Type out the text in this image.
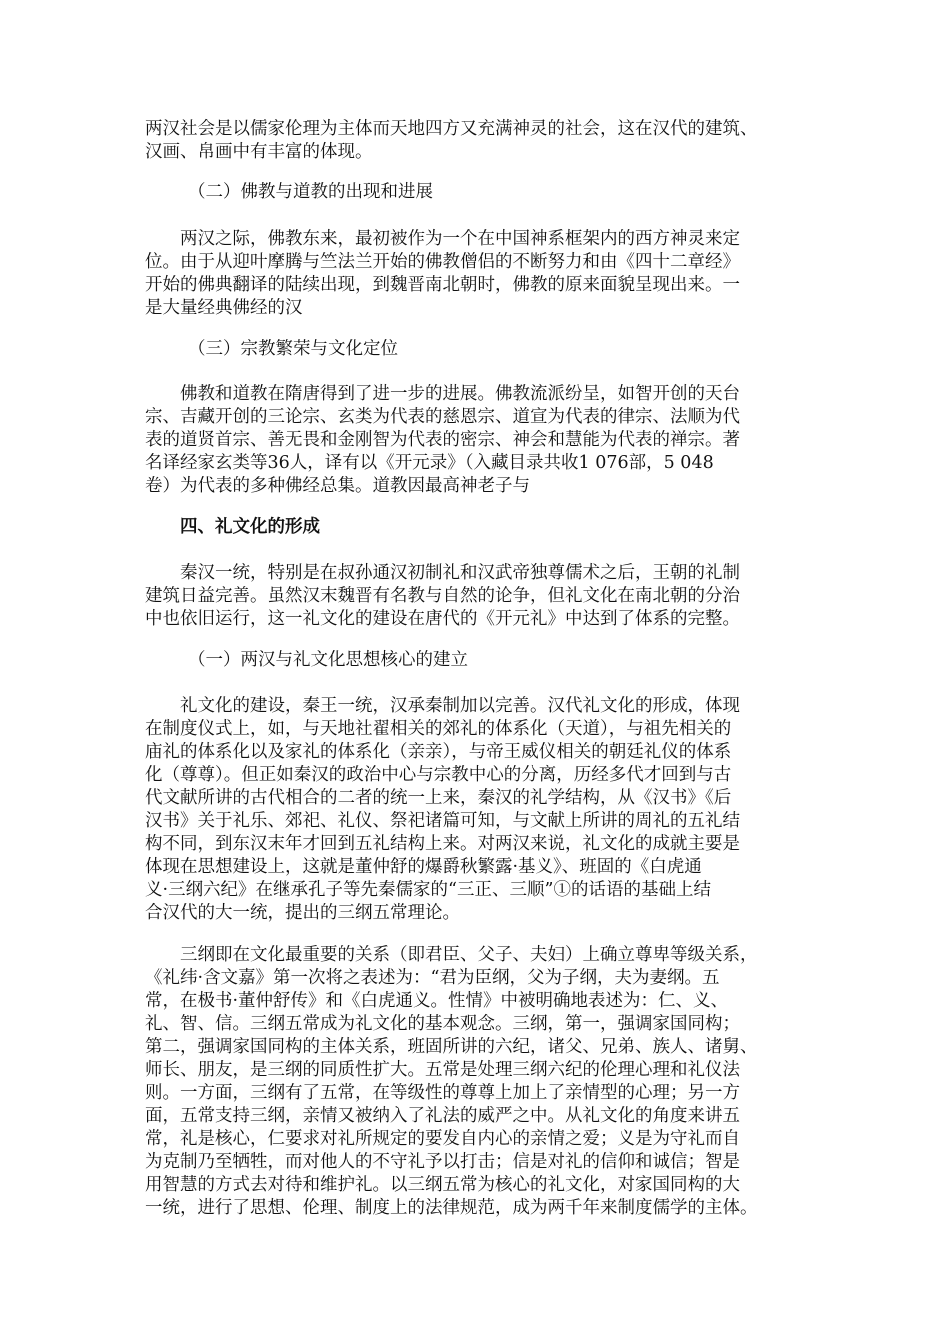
两汉社会是以儒家伦理为主体而天地四方又充满神灵的社会，这在汉代的建筑、
汉画、帛画中有丰富的体现。
（二）佛教与道教的出现和进展
两汉之际，佛教东来，最初被作为一个在中国神系框架内的西方神灵来定
位。由于从迎叶摩腾与竺法兰开始的佛教僧侣的不断努力和由《四十二章经》
开始的佛典翻译的陆续出现，到魏晋南北朝时，佛教的原来面貌呈现出来。一
是大量经典佛经的汉
（三）宗教繁荣与文化定位
佛教和道教在隋唐得到了进一步的进展。佛教流派纷呈，如智开创的天台
宗、吉藏开创的三论宗、玄类为代表的慈恩宗、道宣为代表的律宗、法顺为代
表的道贤首宗、善无畏和金刚智为代表的密宗、神会和慧能为代表的禅宗。著
名译经家玄类等36人，译有以《开元录》（入藏目录共收1 076部，5 048
卷）为代表的多种佛经总集。道教因最高神老子与
四、礼文化的形成
秦汉一统，特别是在叔孙通汉初制礼和汉武帝独尊儒术之后，王朝的礼制
建筑日益完善。虽然汉末魏晋有名教与自然的论争，但礼文化在南北朝的分治
中也依旧运行，这一礼文化的建设在唐代的《开元礼》中达到了体系的完整。
（一）两汉与礼文化思想核心的建立
礼文化的建设，秦王一统，汉承秦制加以完善。汉代礼文化的形成，体现
在制度仪式上，如，与天地社翟相关的郊礼的体系化（天道），与祖先相关的
庙礼的体系化以及家礼的体系化（亲亲），与帝王威仪相关的朝廷礼仪的体系
化（尊尊）。但正如秦汉的政治中心与宗教中心的分离，历经多代才回到与古
代文献所讲的古代相合的二者的统一上来，秦汉的礼学结构，从《汉书》《后
汉书》关于礼乐、郊祀、礼仪、祭祀诸篇可知，与文献上所讲的周礼的五礼结
构不同，到东汉末年才回到五礼结构上来。对两汉来说，礼文化的成就主要是
体现在思想建设上，这就是董仲舒的爆爵秋繁露·基义》、班固的《白虎通
义·三纲六纪》在继承孔子等先秦儒家的“三正、三顺”①的话语的基础上结
合汉代的大一统，提出的三纲五常理论。
三纲即在文化最重要的关系（即君臣、父子、夫妇）上确立尊卑等级关系，
《礼纬·含文嘉》第一次将之表述为：“君为臣纲，父为子纲，夫为妻纲。五
常，在极书·董仲舒传》和《白虎通义。性情》中被明确地表述为：仁、义、
礼、智、信。三纲五常成为礼文化的基本观念。三纲，第一，强调家国同构；
第二，强调家国同构的主体关系，班固所讲的六纪，诸父、兄弟、族人、诸舅、
师长、朋友，是三纲的同质性扩大。五常是处理三纲六纪的伦理心理和礼仪法
则。一方面，三纲有了五常，在等级性的尊尊上加上了亲情型的心理；另一方
面，五常支持三纲，亲情又被纳入了礼法的威严之中。从礼文化的角度来讲五
常，礼是核心，仁要求对礼所规定的要发自内心的亲情之爱；义是为守礼而自
为克制乃至牺牲，而对他人的不守礼予以打击；信是对礼的信仰和诚信；智是
用智慧的方式去对待和维护礼。以三纲五常为核心的礼文化，对家国同构的大
一统，进行了思想、伦理、制度上的法律规范，成为两千年来制度儒学的主体。
